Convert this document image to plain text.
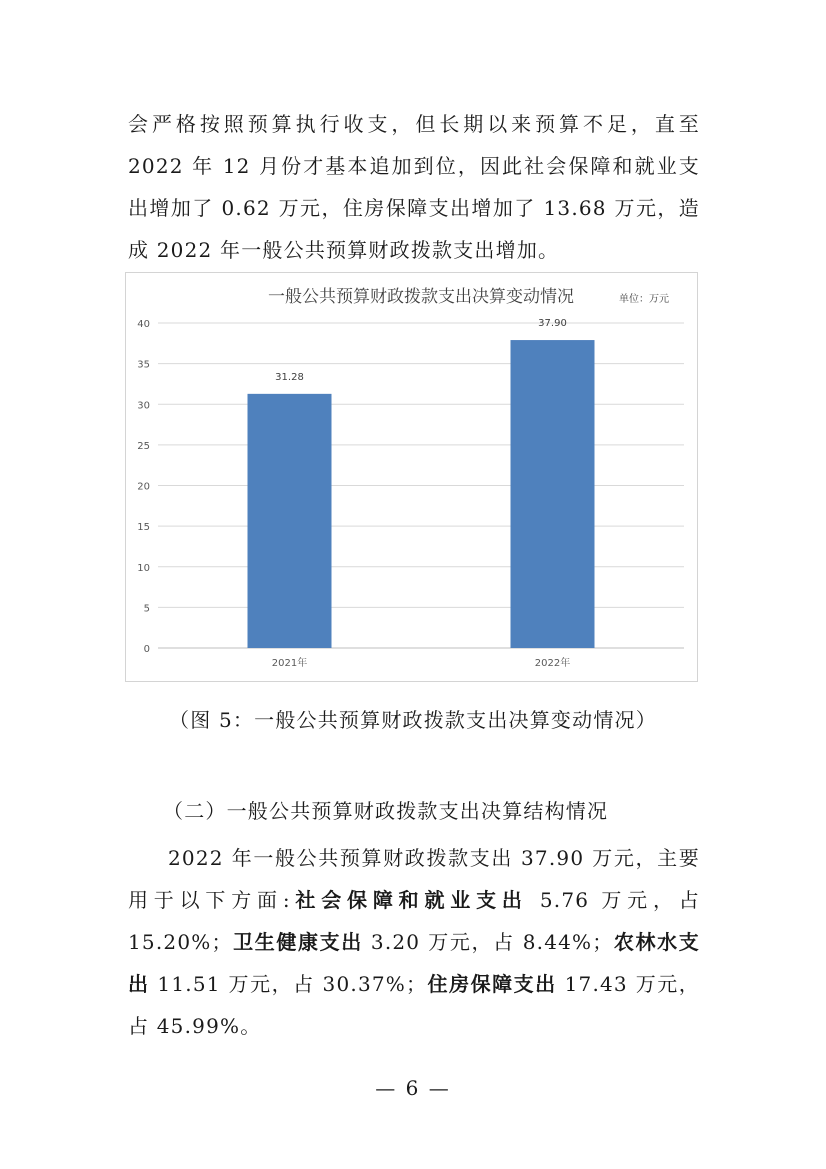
会严格按照预算执行收支，但长期以来预算不足，直至 2022 年 12 月份才基本追加到位，因此社会保障和就业支出增加了 0.62 万元，住房保障支出增加了 13.68 万元，造成 2022 年一般公共预算财政拨款支出增加。

0
5
10
15
20
25
30
35
40
31.28
2021年
37.90
2022年
一般公共预算财政拨款支出决算变动情况	单位：万元
（图 5：一般公共预算财政拨款支出决算变动情况）
（二）一般公共预算财政拨款支出决算结构情况

2022 年一般公共预算财政拨款支出 37.90 万元，主要用于以下方面:社会保障和就业支出 5.76 万元，占 15.20%；卫生健康支出 3.20 万元，占 8.44%；农林水支出 11.51 万元，占 30.37%；住房保障支出 17.43 万元，占 45.99%。

— 6 —
